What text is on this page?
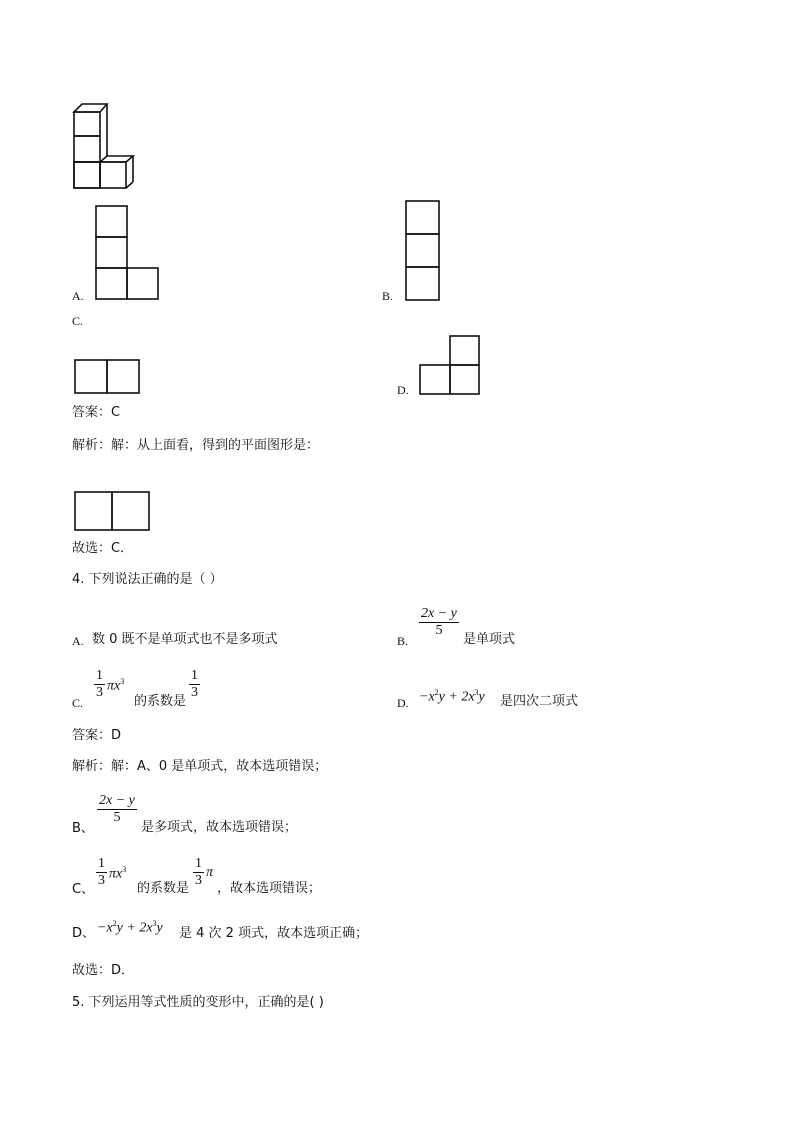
A.	B.
C.
D.
答案：C
解析：解：从上面看，得到的平面图形是：
故选：C．
4. 下列说法正确的是（ ）
A. 数 0 既不是单项式也不是多项式	B.
$\frac{2x - y}{5}$
是单项式
C.
$\frac{1}{3} \pi x^3$
的系数是
$\frac{1}{3}$
D. $-x^2y + 2x^3y$ 是四次二项式
答案：D
解析：解：A、0 是单项式，故本选项错误；
B、
$\frac{2x - y}{5}$
是多项式，故本选项错误；
C、
$\frac{1}{3} \pi x^3$
的系数是 $\frac{1}{3}$ π
，故本选项错误；
D、 $-x^2y + 2x^3y$ 是 4 次 2 项式，故本选项正确；
故选：D．
5. 下列运用等式性质的变形中，正确的是( )
